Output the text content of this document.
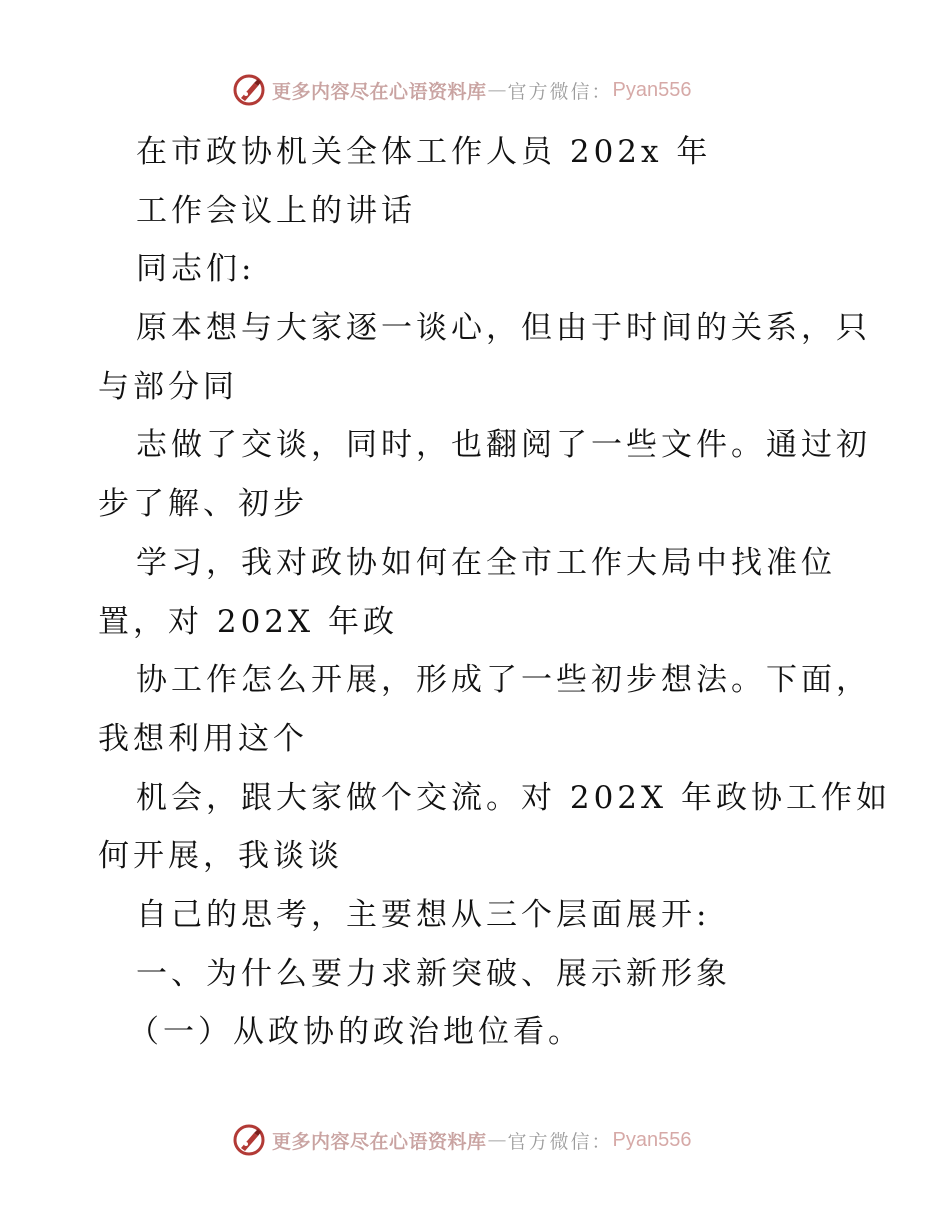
更多内容尽在心语资料库 — 官方微信： Pyan556
在市政协机关全体工作人员 202x 年
工作会议上的讲话
同志们:
原本想与大家逐一谈心，但由于时间的关系，只
与部分同
志做了交谈，同时，也翻阅了一些文件。通过初
步了解、初步
学习，我对政协如何在全市工作大局中找准位
置，对 202X 年政
协工作怎么开展，形成了一些初步想法。下面，
我想利用这个
机会，跟大家做个交流。对 202X 年政协工作如
何开展，我谈谈
自己的思考，主要想从三个层面展开:
一、为什么要力求新突破、展示新形象
（一）从政协的政治地位看。
更多内容尽在心语资料库 — 官方微信： Pyan556
